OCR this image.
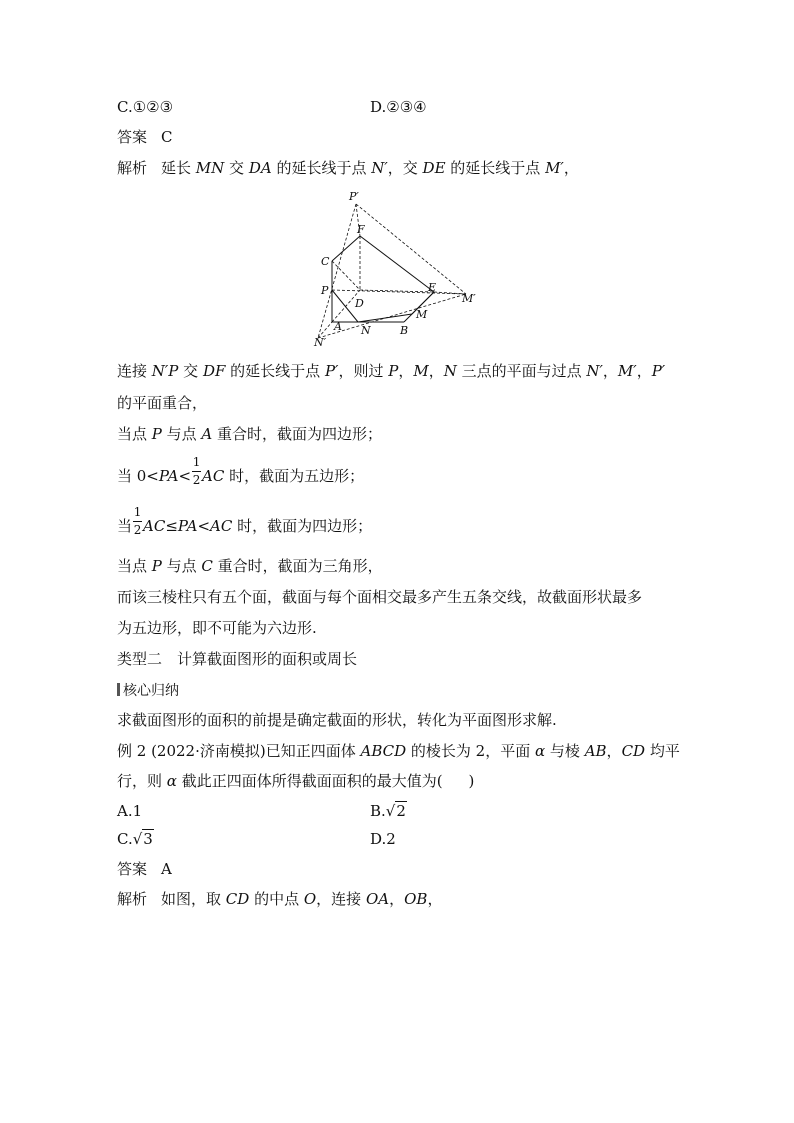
C.①②③	D.②③④
答案 C
解析 延长 MN 交 DA 的延长线于点 N′，交 DE 的延长线于点 M′，
P′
F
C
P
D
E
M′
M
A N	B
N′
连接 N′P 交 DF 的延长线于点 P′，则过 P，M，N 三点的平面与过点 N′，M′，P′
的平面重合，
当点 P 与点 A 重合时，截面为四边形；
当 $0<PA< \frac{1}{2}$ AC 时，截面为五边形；
当 $\frac{1}{2} AC\le PA<AC$ 时，截面为四边形；
当点 P 与点 C 重合时，截面为三角形，
而该三棱柱只有五个面，截面与每个面相交最多产生五条交线，故截面形状最多
为五边形，即不可能为六边形.
类型二　计算截面图形的面积或周长
核心归纳
求截面图形的面积的前提是确定截面的形状，转化为平面图形求解.
例 2 (2022·济南模拟)已知正四面体 ABCD 的棱长为 2，平面 α 与棱 AB，CD 均平
行，则 α 截此正四面体所得截面面积的最大值为( )
A.1	B.√2
C.√3	D.2
答案 A
解析 如图，取 CD 的中点 O，连接 OA，OB，
